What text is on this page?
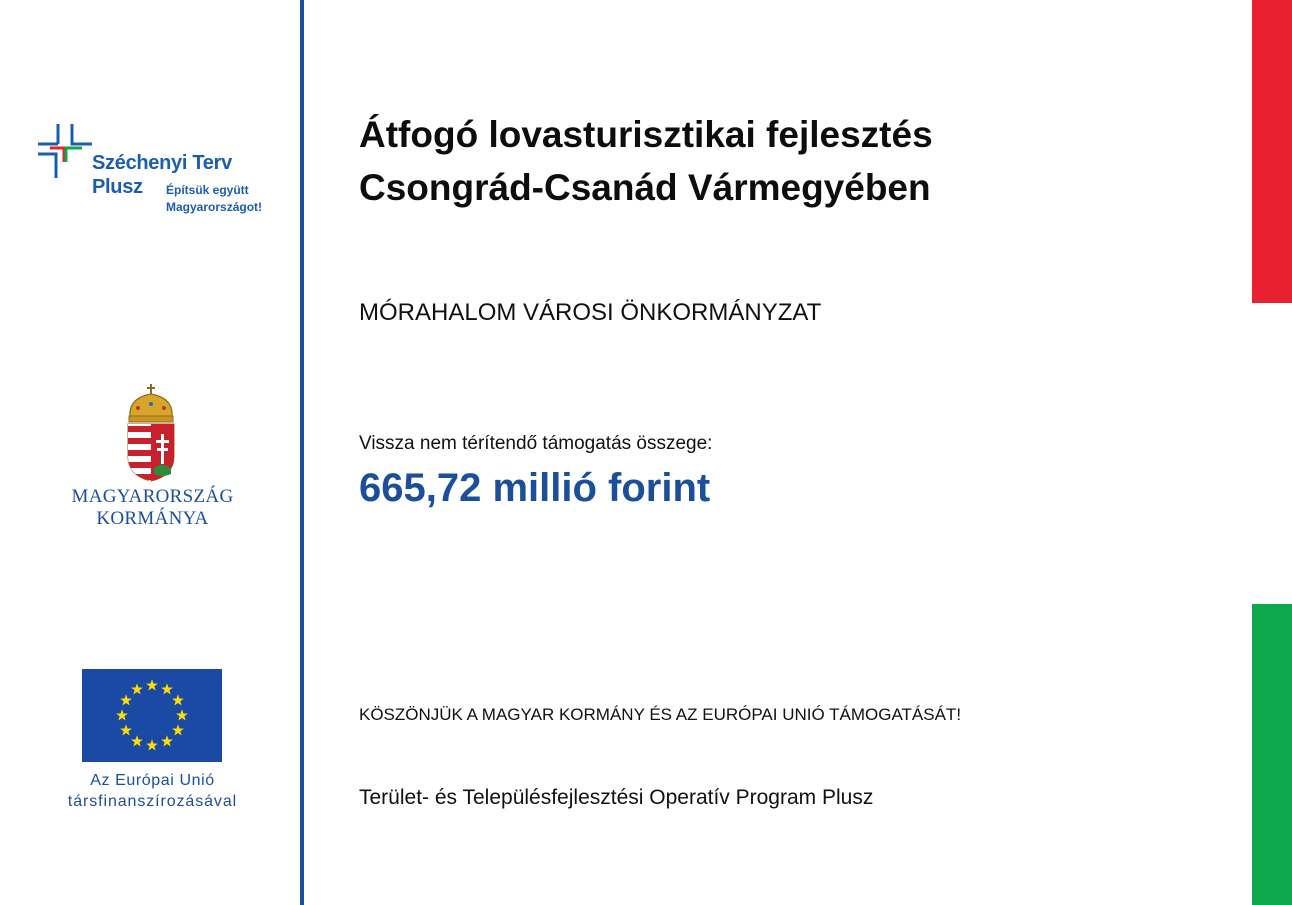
Széchenyi Terv
Plusz Építsük együtt
Magyarországot!
MAGYARORSZÁG
KORMÁNYA
Az Európai Unió
társfinanszírozásával
Átfogó lovasturisztikai fejlesztés
Csongrád-Csanád Vármegyében
MÓRAHALOM VÁROSI ÖNKORMÁNYZAT
Vissza nem térítendő támogatás összege:
665,72 millió forint
KÖSZÖNJÜK A MAGYAR KORMÁNY ÉS AZ EURÓPAI UNIÓ TÁMOGATÁSÁT!
Terület- és Településfejlesztési Operatív Program Plusz
